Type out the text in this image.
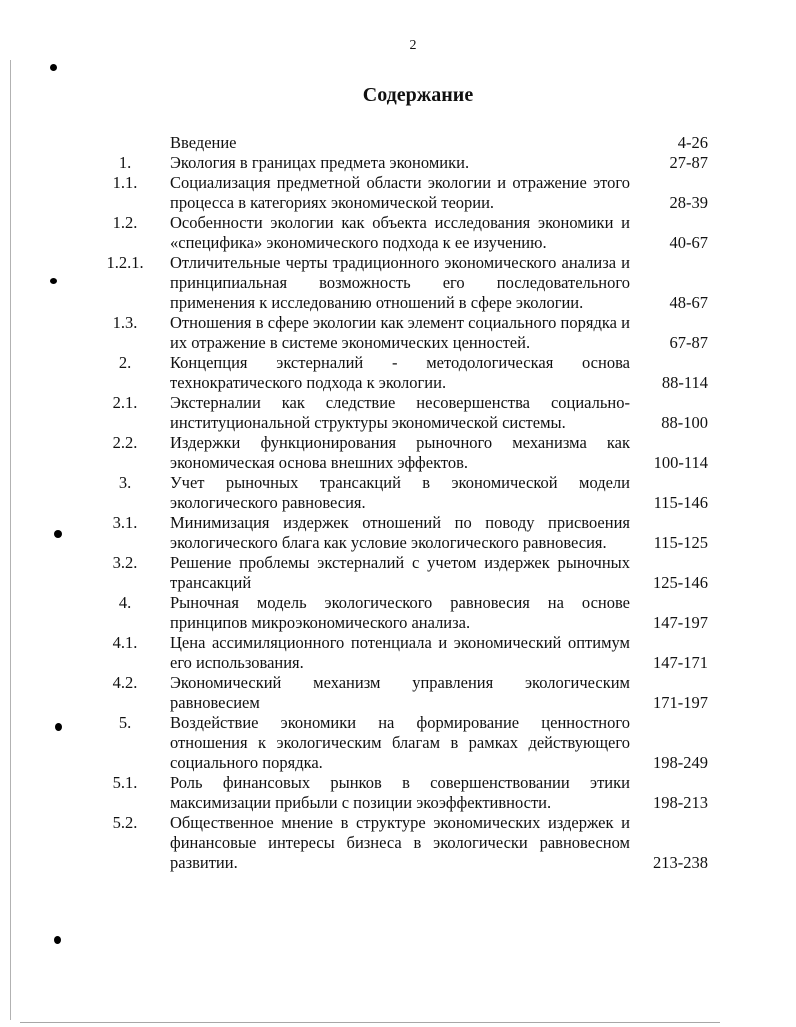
2
Содержание
Введение	4-26
1.	Экология в границах предмета экономики.	27-87
1.1.	Социализация предметной области экологии и отражение этого процесса в категориях экономической теории.	28-39
1.2.	Особенности экологии как объекта исследования экономики и «специфика» экономического подхода к ее изучению.	40-67
1.2.1.	Отличительные черты традиционного экономического анализа и принципиальная возможность его последовательного применения к исследованию отношений в сфере экологии.	48-67
1.3.	Отношения в сфере экологии как элемент социального порядка и их отражение в системе экономических ценностей.	67-87
2.	Концепция экстерналий - методологическая основа технократического подхода к экологии.	88-114
2.1.	Экстерналии как следствие несовершенства социально-институциональной структуры экономической системы.	88-100
2.2.	Издержки функционирования рыночного механизма как экономическая основа внешних эффектов.	100-114
3.	Учет рыночных трансакций в экономической модели экологического равновесия.	115-146
3.1.	Минимизация издержек отношений по поводу присвоения экологического блага как условие экологического равновесия.	115-125
3.2.	Решение проблемы экстерналий с учетом издержек рыночных трансакций	125-146
4.	Рыночная модель экологического равновесия на основе принципов микроэкономического анализа.	147-197
4.1.	Цена ассимиляционного потенциала и экономический оптимум его использования.	147-171
4.2.	Экономический механизм управления экологическим равновесием	171-197
5.	Воздействие экономики на формирование ценностного отношения к экологическим благам в рамках действующего социального порядка.	198-249
5.1.	Роль финансовых рынков в совершенствовании этики максимизации прибыли с позиции экоэффективности.	198-213
5.2.	Общественное мнение в структуре экономических издержек и финансовые интересы бизнеса в экологически равновесном развитии.	213-238
